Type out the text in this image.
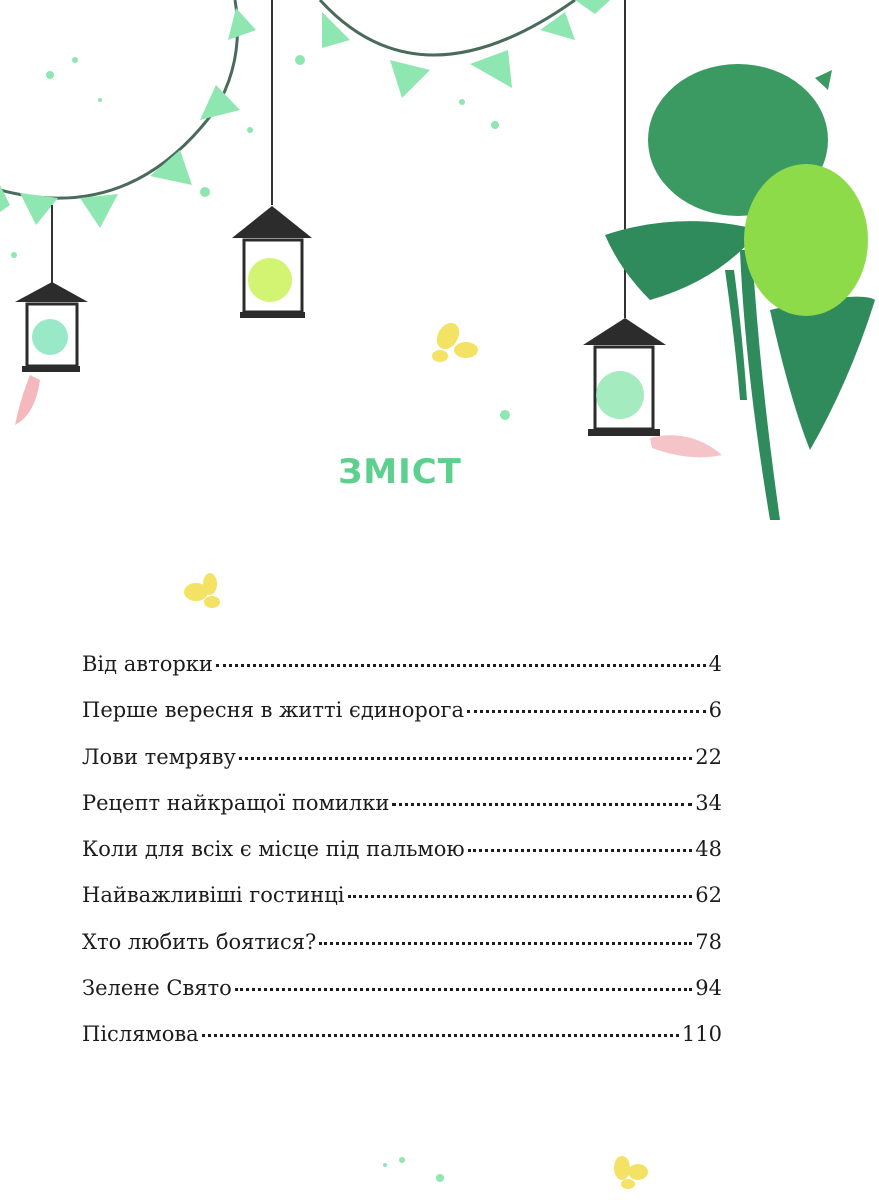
ЗМІСТ
Від авторки	4
Перше вересня в житті єдинорога	6
Лови темряву	22
Рецепт найкращої помилки	34
Коли для всіх є місце під пальмою	48
Найважливіші гостинці	62
Хто любить боятися?	78
Зелене Свято	94
Післямова	110
